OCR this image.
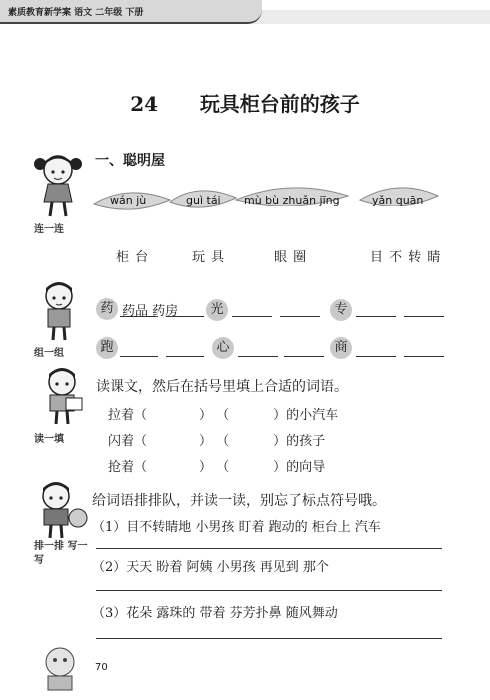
素质教育新学案 语文 二年级 下册
24 玩具柜台前的孩子
一、聪明屋
连一连
wán jù	guì tái mù bù zhuǎn jīng	yǎn quān
柜 台	玩 具	眼 圈	目 不 转 睛
组一组
药 药品 药房	光	专
跑	心	商
读一填
读课文，然后在括号里填上合适的词语。
拉着（	） （	）的小汽车
闪着（	） （	）的孩子
抢着（	） （	）的向导
排一排 写一写
给词语排排队，并读一读，别忘了标点符号哦。
（1）目不转睛地 小男孩 盯着 跑动的 柜台上 汽车
（2）天天 盼着 阿姨 小男孩 再见到 那个
（3）花朵 露珠的 带着 芬芳扑鼻 随风舞动
70
